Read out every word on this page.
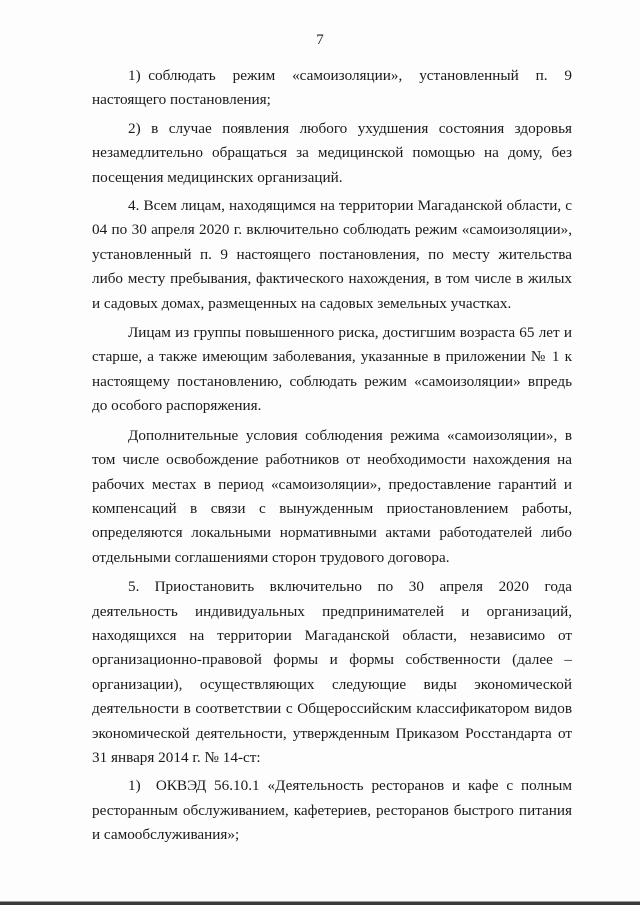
7

1) соблюдать режим «самоизоляции», установленный п. 9 настоящего постановления;

2) в случае появления любого ухудшения состояния здоровья незамедлительно обращаться за медицинской помощью на дому, без посещения медицинских организаций.

4. Всем лицам, находящимся на территории Магаданской области, с 04 по 30 апреля 2020 г. включительно соблюдать режим «самоизоляции», установленный п. 9 настоящего постановления, по месту жительства либо месту пребывания, фактического нахождения, в том числе в жилых и садовых домах, размещенных на садовых земельных участках.

Лицам из группы повышенного риска, достигшим возраста 65 лет и старше, а также имеющим заболевания, указанные в приложении № 1 к настоящему постановлению, соблюдать режим «самоизоляции» впредь до особого распоряжения.

Дополнительные условия соблюдения режима «самоизоляции», в том числе освобождение работников от необходимости нахождения на рабочих местах в период «самоизоляции», предоставление гарантий и компенсаций в связи с вынужденным приостановлением работы, определяются локальными нормативными актами работодателей либо отдельными соглашениями сторон трудового договора.

5. Приостановить включительно по 30 апреля 2020 года деятельность индивидуальных предпринимателей и организаций, находящихся на территории Магаданской области, независимо от организационно-правовой формы и формы собственности (далее – организации), осуществляющих следующие виды экономической деятельности в соответствии с Общероссийским классификатором видов экономической деятельности, утвержденным Приказом Росстандарта от 31 января 2014 г. № 14-ст:

1) ОКВЭД 56.10.1 «Деятельность ресторанов и кафе с полным ресторанным обслуживанием, кафетериев, ресторанов быстрого питания и самообслуживания»;
